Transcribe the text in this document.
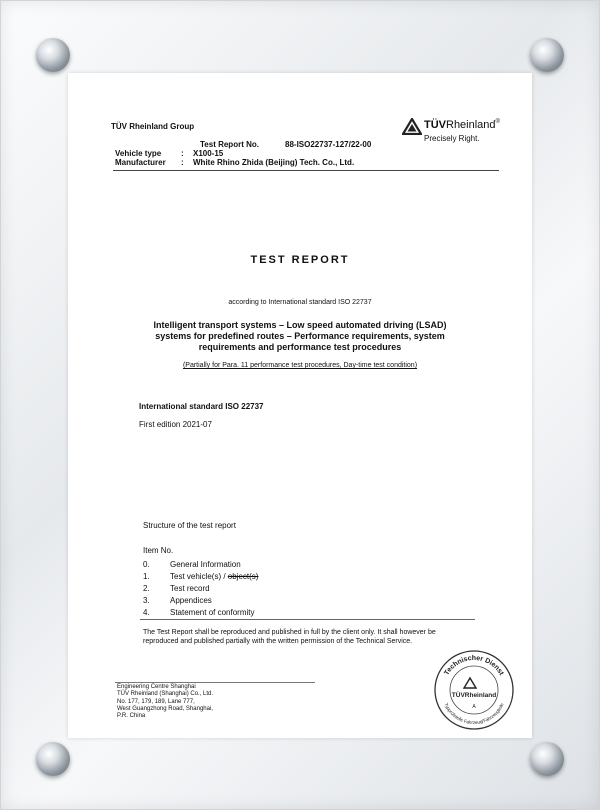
TÜV Rheinland Group
Test Report No.	88-ISO22737-127/22-00
Vehicle type : X100-15
Manufacturer : White Rhino Zhida (Beijing) Tech. Co., Ltd.
TÜVRheinland®
Precisely Right.
TEST REPORT
according to International standard ISO 22737
Intelligent transport systems – Low speed automated driving (LSAD)
systems for predefined routes – Performance requirements, system
requirements and performance test procedures
(Partially for Para. 11 performance test procedures, Day-time test condition)
International standard ISO 22737
First edition 2021-07
Structure of the test report
Item No.
0.	General Information
1.	Test vehicle(s) / object(s)
2.	Test record
3.	Appendices
4.	Statement of conformity
The Test Report shall be reproduced and published in full by the client only. It shall however be
reproduced and published partially with the written permission of the Technical Service.
Engineering Centre Shanghai
TÜV Rheinland (Shanghai) Co., Ltd.
No. 177, 179, 189, Lane 777,
West Guangzhong Road, Shanghai,
P.R. China
Technischer Dienst
Typprüfstelle Fahrzeug/Fahrzeugteile
TÜVRheinland
A
